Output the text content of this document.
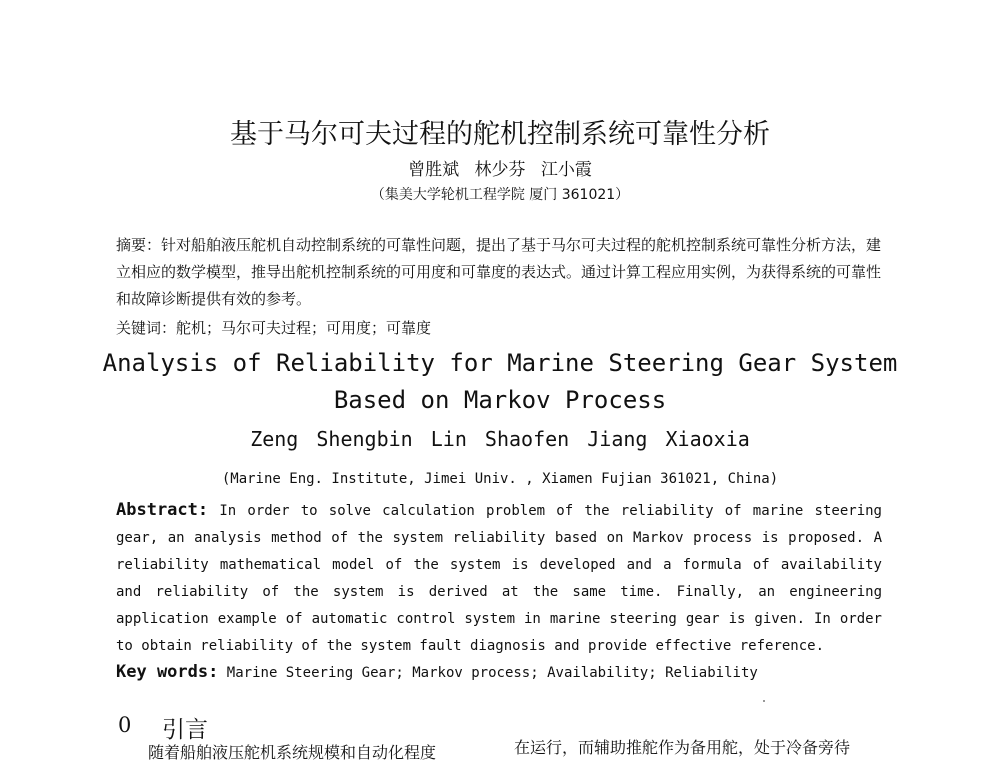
基于马尔可夫过程的舵机控制系统可靠性分析
曾胜斌 林少芬 江小霞
（集美大学轮机工程学院 厦门 361021）
摘要：针对船舶液压舵机自动控制系统的可靠性问题，提出了基于马尔可夫过程的舵机控制系统可靠性分析方法，建立相应的数学模型，推导出舵机控制系统的可用度和可靠度的表达式。通过计算工程应用实例，为获得系统的可靠性和故障诊断提供有效的参考。
关键词：舵机；马尔可夫过程；可用度；可靠度
Analysis of Reliability for Marine Steering Gear System
Based on Markov Process
Zeng Shengbin Lin Shaofen Jiang Xiaoxia
(Marine Eng. Institute, Jimei Univ. , Xiamen Fujian 361021, China)
Abstract: In order to solve calculation problem of the reliability of marine steering gear, an analysis method of the system reliability based on Markov process is proposed. A reliability mathematical model of the system is developed and a formula of availability and reliability of the system is derived at the same time. Finally, an engineering application example of automatic control system in marine steering gear is given. In order to obtain reliability of the system fault diagnosis and provide effective reference.
Key words: Marine Steering Gear; Markov process; Availability; Reliability
0 引言
随着船舶液压舵机系统规模和自动化程度	在运行，而辅助推舵作为备用舵，处于冷备旁待
